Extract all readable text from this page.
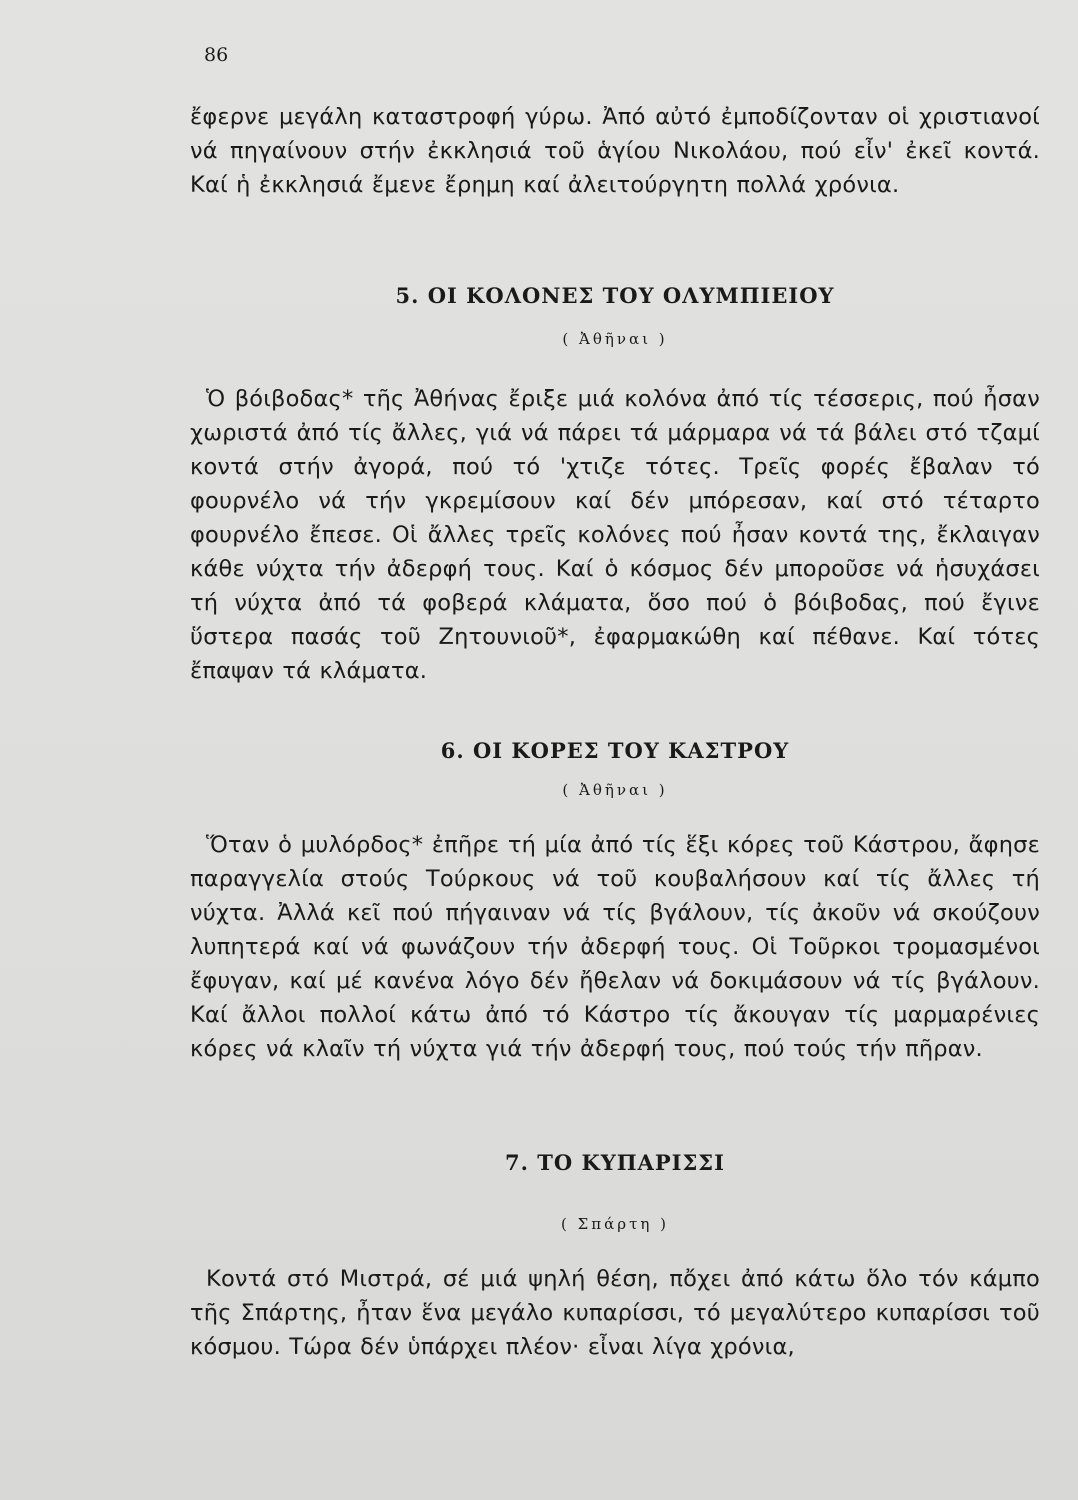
86

ἔφερνε μεγάλη καταστροφή γύρω. Ἀπό αὐτό ἐμποδίζονταν οἱ χριστιανοί νά πηγαίνουν στήν ἐκκλησιά τοῦ ἁγίου Νικολάου, πού εἶν' ἐκεῖ κοντά. Καί ἡ ἐκκλησιά ἔμενε ἔρημη καί ἀλειτούργητη πολλά χρόνια.

5. ΟΙ ΚΟΛΟΝΕΣ ΤΟΥ ΟΛΥΜΠΙΕΙΟΥ
( Ἀθῆναι )

Ὁ βόιβοδας* τῆς Ἀθήνας ἔριξε μιά κολόνα ἀπό τίς τέσσερις, πού ἦσαν χωριστά ἀπό τίς ἄλλες, γιά νά πάρει τά μάρμαρα νά τά βάλει στό τζαμί κοντά στήν ἀγορά, πού τό 'χτιζε τότες. Τρεῖς φορές ἔβαλαν τό φουρνέλο νά τήν γκρεμίσουν καί δέν μπόρεσαν, καί στό τέταρτο φουρνέλο ἔπεσε. Οἱ ἄλλες τρεῖς κολόνες πού ἦσαν κοντά της, ἔκλαιγαν κάθε νύχτα τήν ἀδερφή τους. Καί ὁ κόσμος δέν μποροῦσε νά ἡσυχάσει τή νύχτα ἀπό τά φοβερά κλάματα, ὅσο πού ὁ βόιβοδας, πού ἔγινε ὕστερα πασάς τοῦ Ζητουνιοῦ*, ἐφαρμακώθη καί πέθανε. Καί τότες ἔπαψαν τά κλάματα.

6. ΟΙ ΚΟΡΕΣ ΤΟΥ ΚΑΣΤΡΟΥ
( Ἀθῆναι )

Ὅταν ὁ μυλόρδος* ἐπῆρε τή μία ἀπό τίς ἕξι κόρες τοῦ Κάστρου, ἄφησε παραγγελία στούς Τούρκους νά τοῦ κουβαλήσουν καί τίς ἄλλες τή νύχτα. Ἀλλά κεῖ πού πήγαιναν νά τίς βγάλουν, τίς ἀκοῦν νά σκούζουν λυπητερά καί νά φωνάζουν τήν ἀδερφή τους. Οἱ Τοῦρκοι τρομασμένοι ἔφυγαν, καί μέ κανένα λόγο δέν ἤθελαν νά δοκιμάσουν νά τίς βγάλουν. Καί ἄλλοι πολλοί κάτω ἀπό τό Κάστρο τίς ἄκουγαν τίς μαρμαρένιες κόρες νά κλαῖν τή νύχτα γιά τήν ἀδερφή τους, πού τούς τήν πῆραν.

7. ΤΟ ΚΥΠΑΡΙΣΣΙ
( Σπάρτη )

Κοντά στό Μιστρά, σέ μιά ψηλή θέση, πὄχει ἀπό κάτω ὅλο τόν κάμπο τῆς Σπάρτης, ἦταν ἕνα μεγάλο κυπαρίσσι, τό μεγαλύτερο κυπαρίσσι τοῦ κόσμου. Τώρα δέν ὑπάρχει πλέον· εἶναι λίγα χρόνια,
